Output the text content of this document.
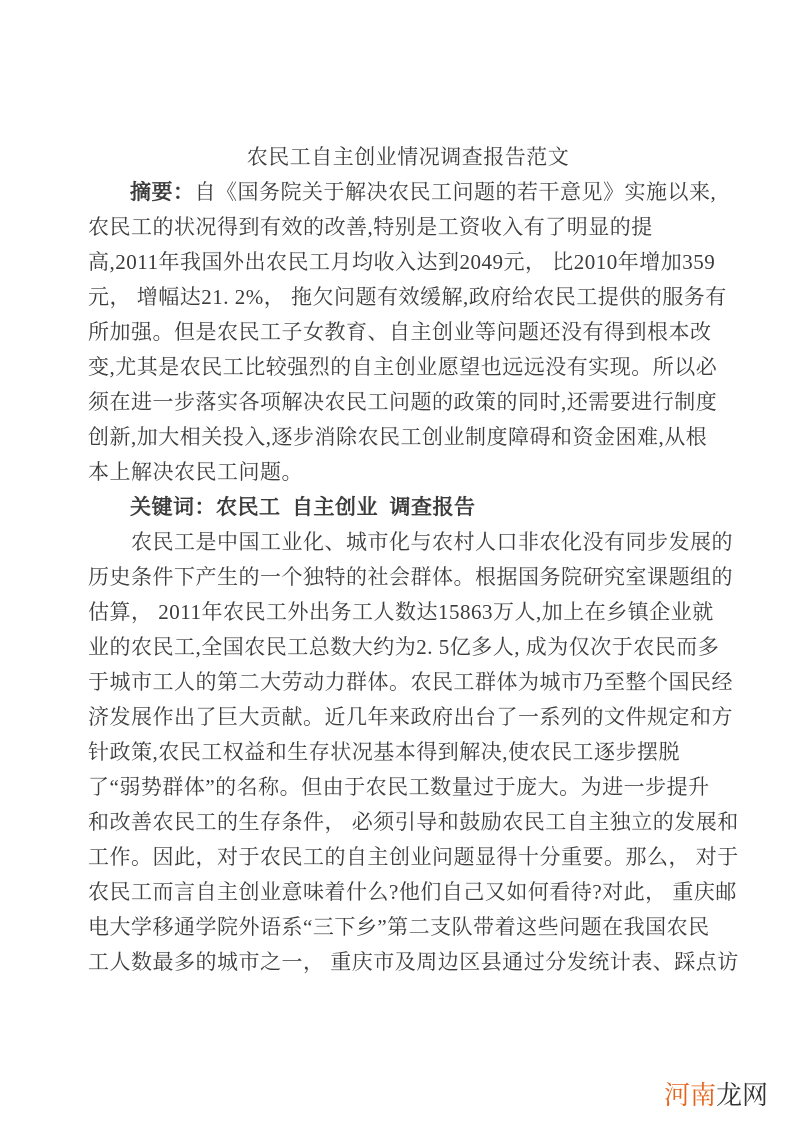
农民工自主创业情况调查报告范文
摘要：自《国务院关于解决农民工问题的若干意见》实施以来,
农民工的状况得到有效的改善,特别是工资收入有了明显的提
高,2011年我国外出农民工月均收入达到2049元， 比2010年增加359
元， 增幅达21. 2%， 拖欠问题有效缓解,政府给农民工提供的服务有
所加强。但是农民工子女教育、自主创业等问题还没有得到根本改
变,尤其是农民工比较强烈的自主创业愿望也远远没有实现。所以必
须在进一步落实各项解决农民工问题的政策的同时,还需要进行制度
创新,加大相关投入,逐步消除农民工创业制度障碍和资金困难,从根
本上解决农民工问题。
关键词：农民工  自主创业  调查报告
　　农民工是中国工业化、城市化与农村人口非农化没有同步发展的
历史条件下产生的一个独特的社会群体。根据国务院研究室课题组的
估算， 2011年农民工外出务工人数达15863万人,加上在乡镇企业就
业的农民工,全国农民工总数大约为2. 5亿多人, 成为仅次于农民而多
于城市工人的第二大劳动力群体。农民工群体为城市乃至整个国民经
济发展作出了巨大贡献。近几年来政府出台了一系列的文件规定和方
针政策,农民工权益和生存状况基本得到解决,使农民工逐步摆脱
了“弱势群体”的名称。但由于农民工数量过于庞大。为进一步提升
和改善农民工的生存条件， 必须引导和鼓励农民工自主独立的发展和
工作。因此，对于农民工的自主创业问题显得十分重要。那么， 对于
农民工而言自主创业意味着什么?他们自己又如何看待?对此， 重庆邮
电大学移通学院外语系“三下乡”第二支队带着这些问题在我国农民
工人数最多的城市之一， 重庆市及周边区县通过分发统计表、踩点访
河南龙网
